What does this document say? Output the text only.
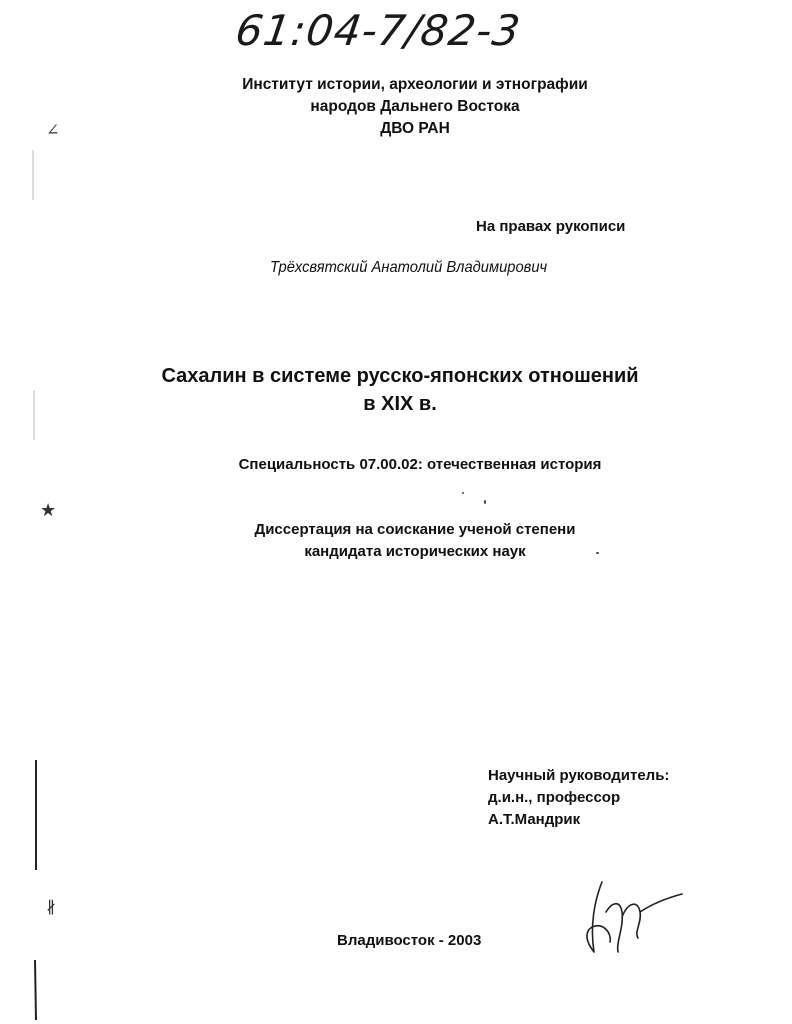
61:04-7/82-3
Институт истории, археологии и этнографии
народов Дальнего Востока
ДВО РАН
∠
★
∦
На правах рукописи
Трёхсвятский Анатолий Владимирович
Сахалин в системе русско-японских отношений
в XIX в.
Специальность 07.00.02: отечественная история
Диссертация на соискание ученой степени
кандидата исторических наук
Научный руководитель:
д.и.н., профессор
А.Т.Мандрик
Владивосток - 2003
